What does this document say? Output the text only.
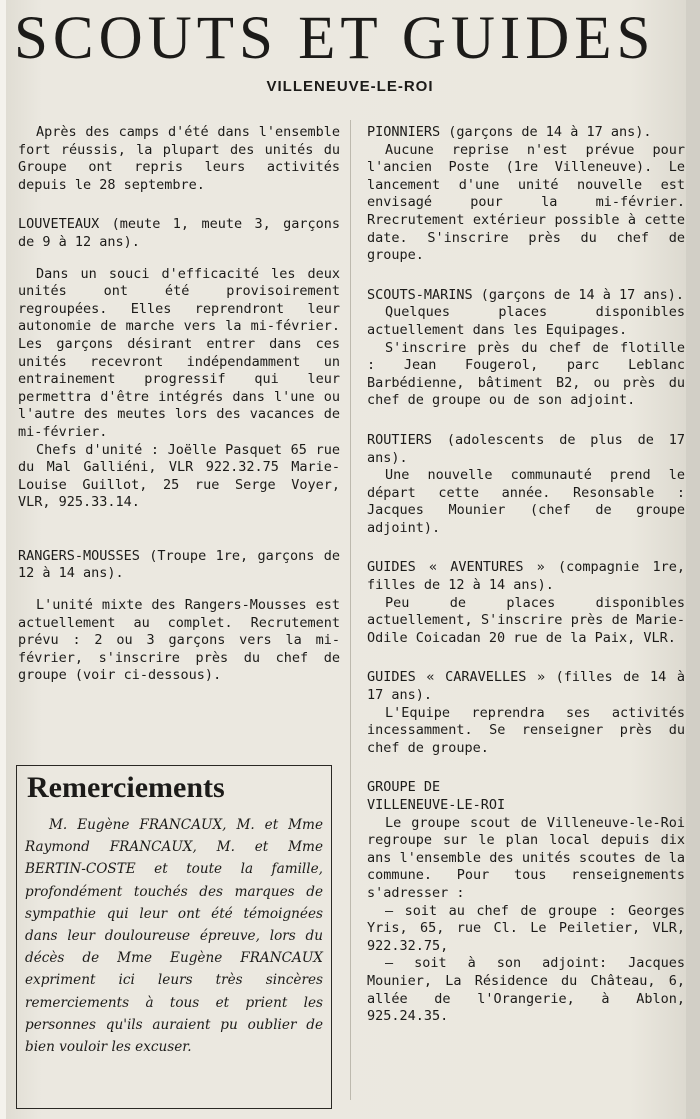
SCOUTS ET GUIDES
VILLENEUVE-LE-ROI

Après des camps d'été dans l'ensemble fort réussis, la plupart des unités du Groupe ont repris leurs activités depuis le 28 septembre.

LOUVETEAUX (meute 1, meute 3, garçons de 9 à 12 ans).

Dans un souci d'efficacité les deux unités ont été provisoirement regroupées. Elles reprendront leur autonomie de marche vers la mi-février. Les garçons désirant entrer dans ces unités recevront indépendamment un entrainement progressif qui leur permettra d'être intégrés dans l'une ou l'autre des meutes lors des vacances de mi-février.

Chefs d'unité : Joëlle Pasquet 65 rue du Mal Galliéni, VLR 922.32.75 Marie-Louise Guillot, 25 rue Serge Voyer, VLR, 925.33.14.

RANGERS-MOUSSES (Troupe 1re, garçons de 12 à 14 ans).

L'unité mixte des Rangers-Mousses est actuellement au complet. Recrutement prévu : 2 ou 3 garçons vers la mi-février, s'inscrire près du chef de groupe (voir ci-dessous).

Remerciements

M. Eugène FRANCAUX, M. et Mme Raymond FRANCAUX, M. et Mme BERTIN-COSTE et toute la famille, profondément touchés des marques de sympathie qui leur ont été témoignées dans leur douloureuse épreuve, lors du décès de Mme Eugène FRANCAUX expriment ici leurs très sincères remerciements à tous et prient les personnes qu'ils auraient pu oublier de bien vouloir les excuser.

PIONNIERS (garçons de 14 à 17 ans).

Aucune reprise n'est prévue pour l'ancien Poste (1re Villeneuve). Le lancement d'une unité nouvelle est envisagé pour la mi-février. Rrecrutement extérieur possible à cette date. S'inscrire près du chef de groupe.

SCOUTS-MARINS (garçons de 14 à 17 ans).

Quelques places disponibles actuellement dans les Equipages.

S'inscrire près du chef de flotille : Jean Fougerol, parc Leblanc Barbédienne, bâtiment B2, ou près du chef de groupe ou de son adjoint.

ROUTIERS (adolescents de plus de 17 ans).

Une nouvelle communauté prend le départ cette année. Resonsable : Jacques Mounier (chef de groupe adjoint).

GUIDES « AVENTURES » (compagnie 1re, filles de 12 à 14 ans).

Peu de places disponibles actuellement, S'inscrire près de Marie-Odile Coicadan 20 rue de la Paix, VLR.

GUIDES « CARAVELLES » (filles de 14 à 17 ans).

L'Equipe reprendra ses activités incessamment. Se renseigner près du chef de groupe.

GROUPE DE

VILLENEUVE-LE-ROI

Le groupe scout de Villeneuve-le-Roi regroupe sur le plan local depuis dix ans l'ensemble des unités scoutes de la commune. Pour tous renseignements s'adresser :

— soit au chef de groupe : Georges Yris, 65, rue Cl. Le Peiletier, VLR, 922.32.75,

— soit à son adjoint: Jacques Mounier, La Résidence du Château, 6, allée de l'Orangerie, à Ablon, 925.24.35.
